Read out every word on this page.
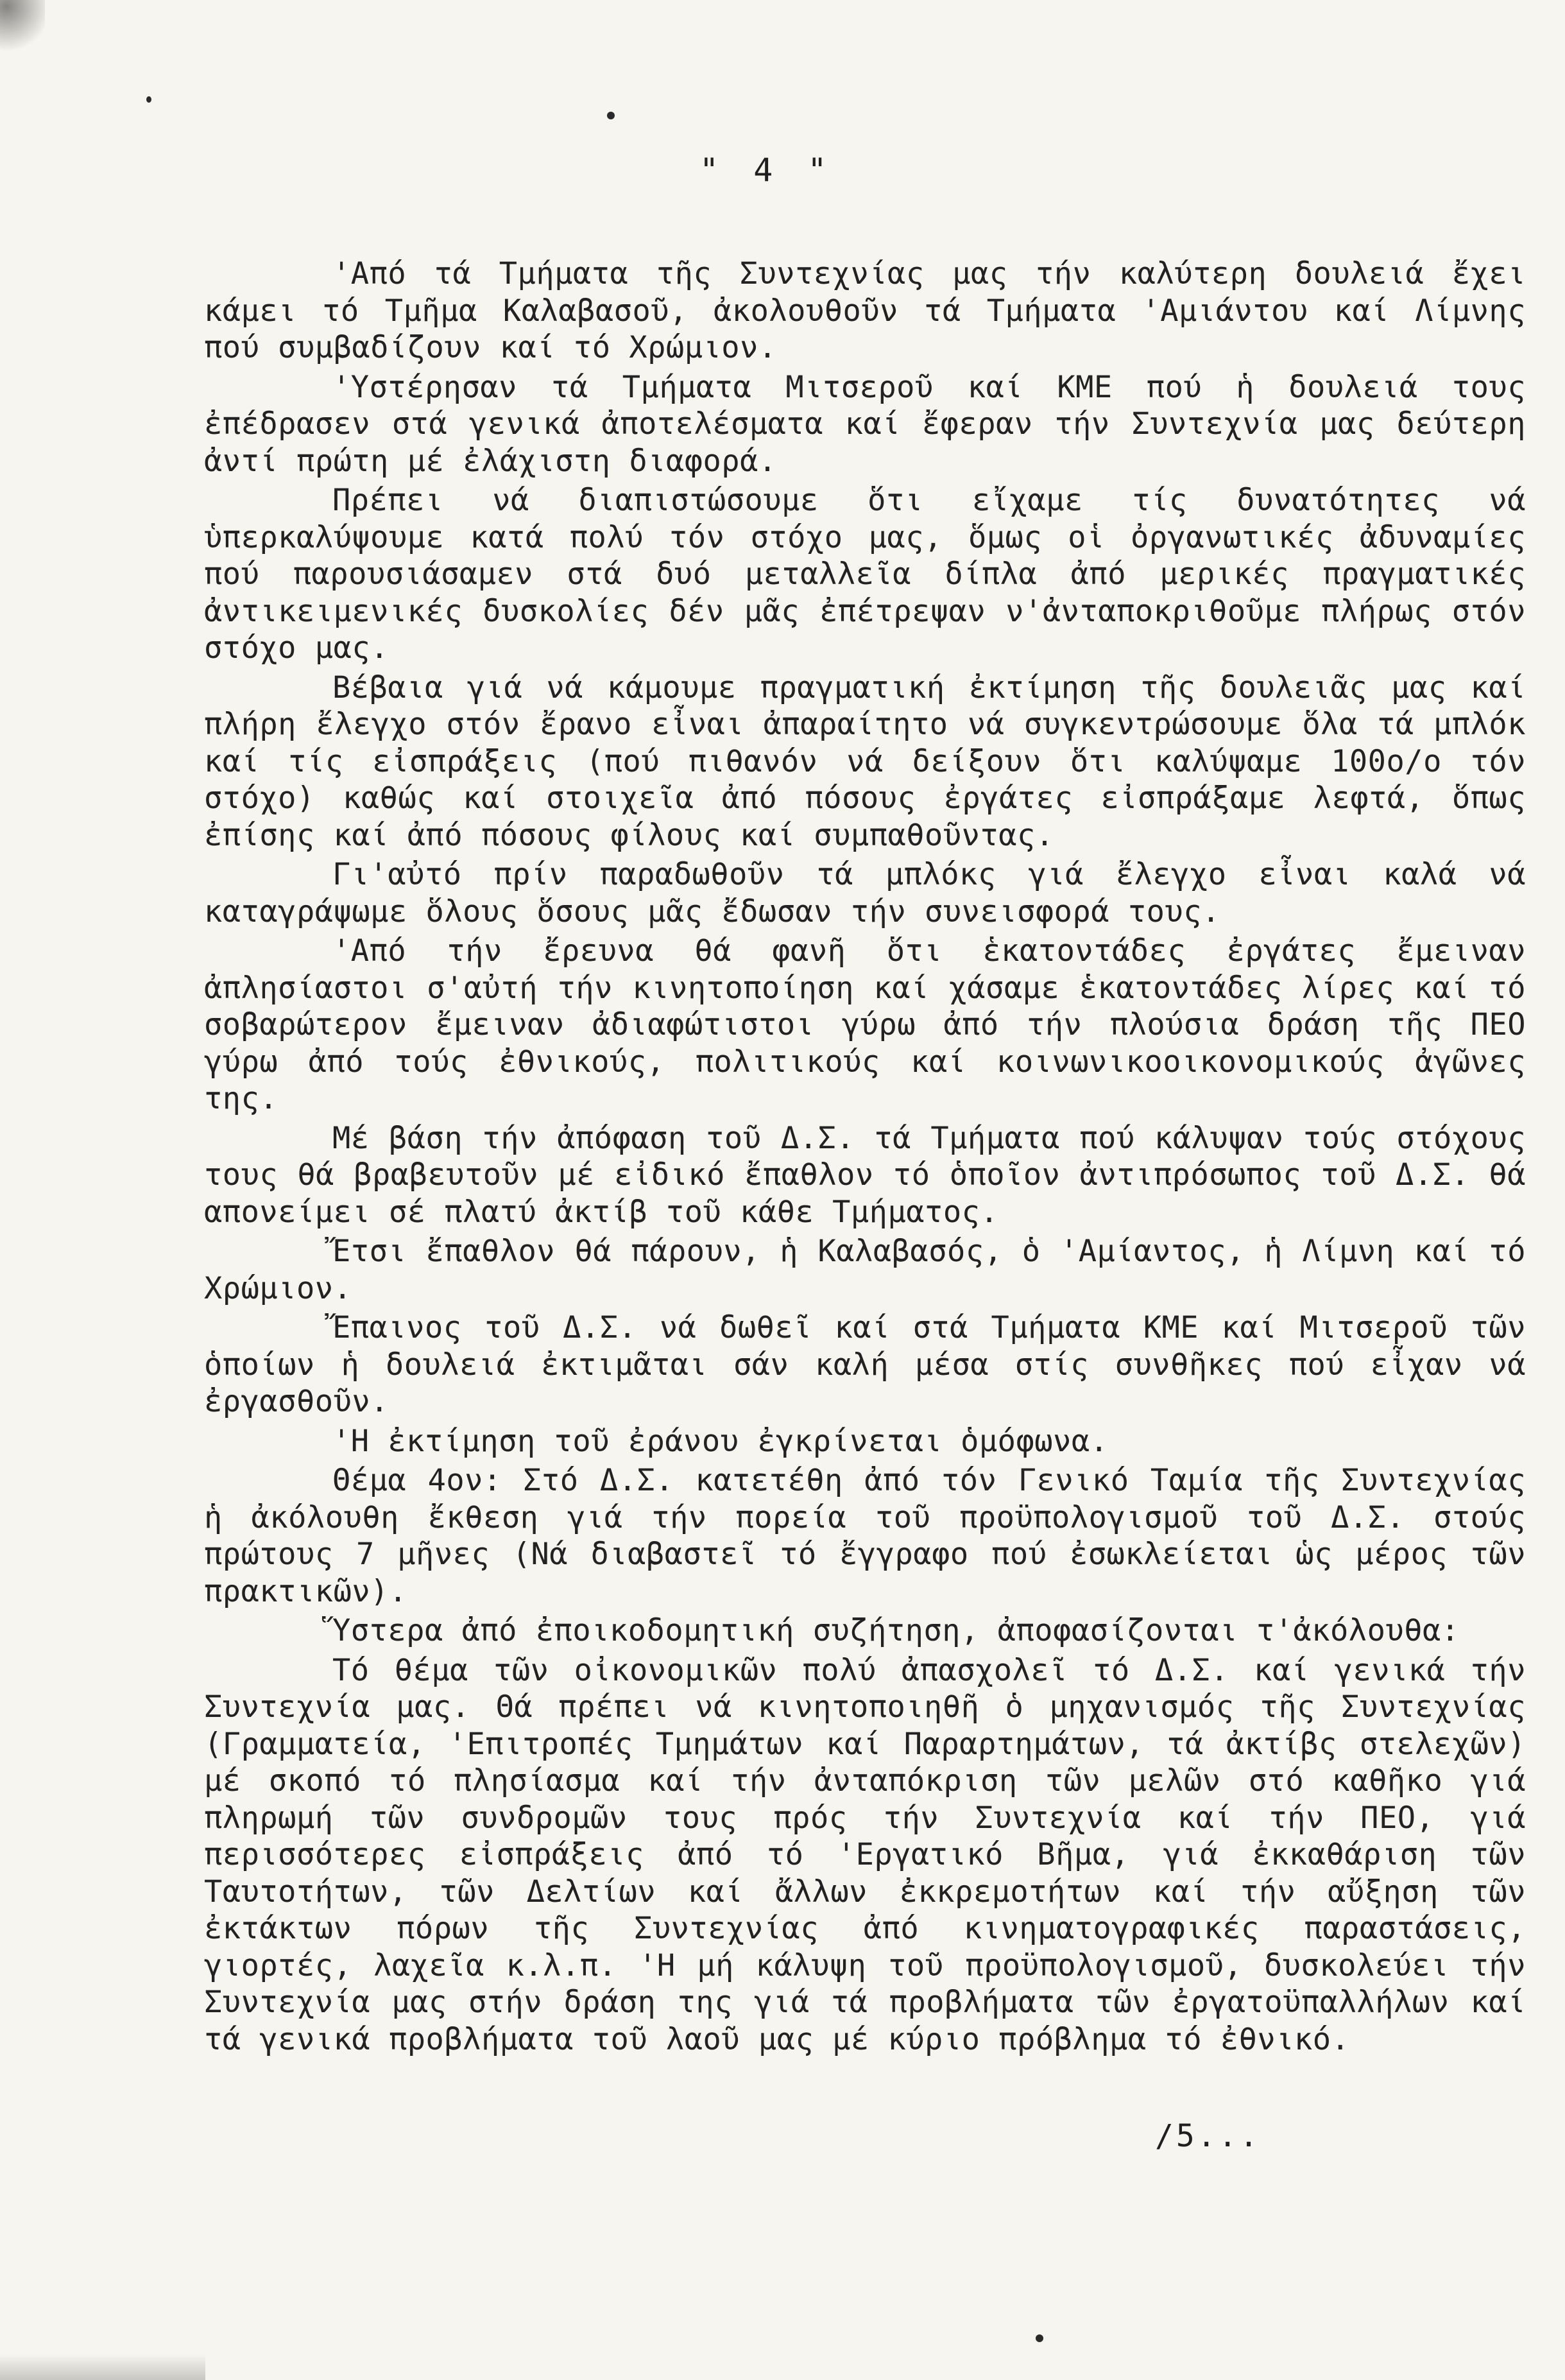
" 4 "

'Από τά Τμήματα τῆς Συντεχνίας μας τήν καλύτερη δουλειά ἔχει κάμει τό Τμῆμα Καλαβασοῦ, ἀκολουθοῦν τά Τμήματα 'Αμιάντου καί Λίμνης πού συμβαδίζουν καί τό Χρώμιον.

'Υστέρησαν τά Τμήματα Μιτσεροῦ καί ΚΜΕ πού ἡ δουλειά τους ἐπέδρασεν στά γενικά ἀποτελέσματα καί ἔφεραν τήν Συντεχνία μας δεύτερη ἀντί πρώτη μέ ἐλάχιστη διαφορά.

Πρέπει νά διαπιστώσουμε ὅτι εἴχαμε τίς δυνατότητες νά ὑπερκαλύψουμε κατά πολύ τόν στόχο μας, ὅμως οἱ ὀργανωτικές ἀδυναμίες πού παρουσιάσαμεν στά δυό μεταλλεῖα δίπλα ἀπό μερικές πραγματικές ἀντικειμενικές δυσκολίες δέν μᾶς ἐπέτρεψαν ν'ἀνταποκριθοῦμε πλήρως στόν στόχο μας.

Βέβαια γιά νά κάμουμε πραγματική ἐκτίμηση τῆς δουλειᾶς μας καί πλήρη ἔλεγχο στόν ἔρανο εἶναι ἀπαραίτητο νά συγκεντρώσουμε ὅλα τά μπλόκ καί τίς εἰσπράξεις (πού πιθανόν νά δείξουν ὅτι καλύψαμε 100ο/ο τόν στόχο) καθώς καί στοιχεῖα ἀπό πόσους ἐργάτες εἰσπράξαμε λεφτά, ὅπως ἐπίσης καί ἀπό πόσους φίλους καί συμπαθοῦντας.

Γι'αὐτό πρίν παραδωθοῦν τά μπλόκς γιά ἔλεγχο εἶναι καλά νά καταγράψωμε ὅλους ὅσους μᾶς ἔδωσαν τήν συνεισφορά τους.

'Από τήν ἔρευνα θά φανῆ ὅτι ἑκατοντάδες ἐργάτες ἔμειναν ἀπλησίαστοι σ'αὐτή τήν κινητοποίηση καί χάσαμε ἑκατοντάδες λίρες καί τό σοβαρώτερον ἔμειναν ἀδιαφώτιστοι γύρω ἀπό τήν πλούσια δράση τῆς ΠΕΟ γύρω ἀπό τούς ἐθνικούς, πολιτικούς καί κοινωνικοοικονομικούς ἀγῶνες της.

Μέ βάση τήν ἀπόφαση τοῦ Δ.Σ. τά Τμήματα πού κάλυψαν τούς στόχους τους θά βραβευτοῦν μέ εἰδικό ἔπαθλον τό ὁποῖον ἀντιπρόσωπος τοῦ Δ.Σ. θά απονείμει σέ πλατύ ἀκτίβ τοῦ κάθε Τμήματος.

Ἔτσι ἔπαθλον θά πάρουν, ἡ Καλαβασός, ὁ 'Αμίαντος, ἡ Λίμνη καί τό Χρώμιον.

Ἔπαινος τοῦ Δ.Σ. νά δωθεῖ καί στά Τμήματα ΚΜΕ καί Μιτσεροῦ τῶν ὁποίων ἡ δουλειά ἐκτιμᾶται σάν καλή μέσα στίς συνθῆκες πού εἶχαν νά ἐργασθοῦν.

'Η ἐκτίμηση τοῦ ἐράνου ἐγκρίνεται ὁμόφωνα.

Θέμα 4ον: Στό Δ.Σ. κατετέθη ἀπό τόν Γενικό Ταμία τῆς Συντεχνίας ἡ ἀκόλουθη ἔκθεση γιά τήν πορεία τοῦ προϋπολογισμοῦ τοῦ Δ.Σ. στούς πρώτους 7 μῆνες (Νά διαβαστεῖ τό ἔγγραφο πού ἐσωκλείεται ὡς μέρος τῶν πρακτικῶν).

Ὕστερα ἀπό ἐποικοδομητική συζήτηση, ἀποφασίζονται τ'ἀκόλουθα:

Τό θέμα τῶν οἰκονομικῶν πολύ ἀπασχολεῖ τό Δ.Σ. καί γενικά τήν Συντεχνία μας. Θά πρέπει νά κινητοποιηθῆ ὁ μηχανισμός τῆς Συντεχνίας (Γραμματεία, 'Επιτροπές Τμημάτων καί Παραρτημάτων, τά ἀκτίβς στελεχῶν) μέ σκοπό τό πλησίασμα καί τήν ἀνταπόκριση τῶν μελῶν στό καθῆκο γιά πληρωμή τῶν συνδρομῶν τους πρός τήν Συντεχνία καί τήν ΠΕΟ, γιά περισσότερες εἰσπράξεις ἀπό τό 'Εργατικό Βῆμα, γιά ἐκκαθάριση τῶν Ταυτοτήτων, τῶν Δελτίων καί ἄλλων ἐκκρεμοτήτων καί τήν αὔξηση τῶν ἐκτάκτων πόρων τῆς Συντεχνίας ἀπό κινηματογραφικές παραστάσεις, γιορτές, λαχεῖα κ.λ.π. 'Η μή κάλυψη τοῦ προϋπολογισμοῦ, δυσκολεύει τήν Συντεχνία μας στήν δράση της γιά τά προβλήματα τῶν ἐργατοϋπαλλήλων καί τά γενικά προβλήματα τοῦ λαοῦ μας μέ κύριο πρόβλημα τό ἐθνικό.

/5...
